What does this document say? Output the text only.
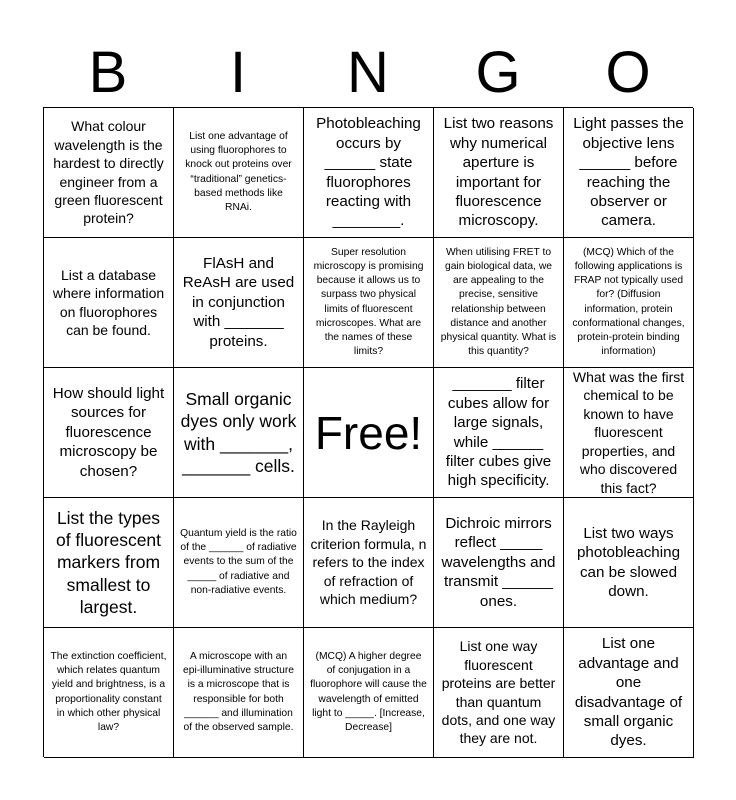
B	I	N	G	O
What colour wavelength is the hardest to directly engineer from a green fluorescent protein?
List one advantage of using fluorophores to knock out proteins over “traditional” genetics-based methods like RNAi.
Photobleaching occurs by ______ state fluorophores reacting with ________.
List two reasons why numerical aperture is important for fluorescence microscopy.
Light passes the objective lens ______ before reaching the observer or camera.
List a database where information on fluorophores can be found.
FlAsH and ReAsH are used in conjunction with _______ proteins.
Super resolution microscopy is promising because it allows us to surpass two physical limits of fluorescent microscopes. What are the names of these limits?
When utilising FRET to gain biological data, we are appealing to the precise, sensitive relationship between distance and another physical quantity. What is this quantity?
(MCQ) Which of the following applications is FRAP not typically used for? (Diffusion information, protein conformational changes, protein-protein binding information)
How should light sources for fluorescence microscopy be chosen?
Small organic dyes only work with _______, _______ cells.
Free!
_______ filter cubes allow for large signals, while ______ filter cubes give high specificity.
What was the first chemical to be known to have fluorescent properties, and who discovered this fact?
List the types of fluorescent markers from smallest to largest.
Quantum yield is the ratio of the ______ of radiative events to the sum of the _____ of radiative and non-radiative events.
In the Rayleigh criterion formula, n refers to the index of refraction of which medium?
Dichroic mirrors reflect _____ wavelengths and transmit ______ ones.
List two ways photobleaching can be slowed down.
The extinction coefficient, which relates quantum yield and brightness, is a proportionality constant in which other physical law?
A microscope with an epi-illuminative structure is a microscope that is responsible for both ______ and illumination of the observed sample.
(MCQ) A higher degree of conjugation in a fluorophore will cause the wavelength of emitted light to _____. [Increase, Decrease]
List one way fluorescent proteins are better than quantum dots, and one way they are not.
List one advantage and one disadvantage of small organic dyes.
